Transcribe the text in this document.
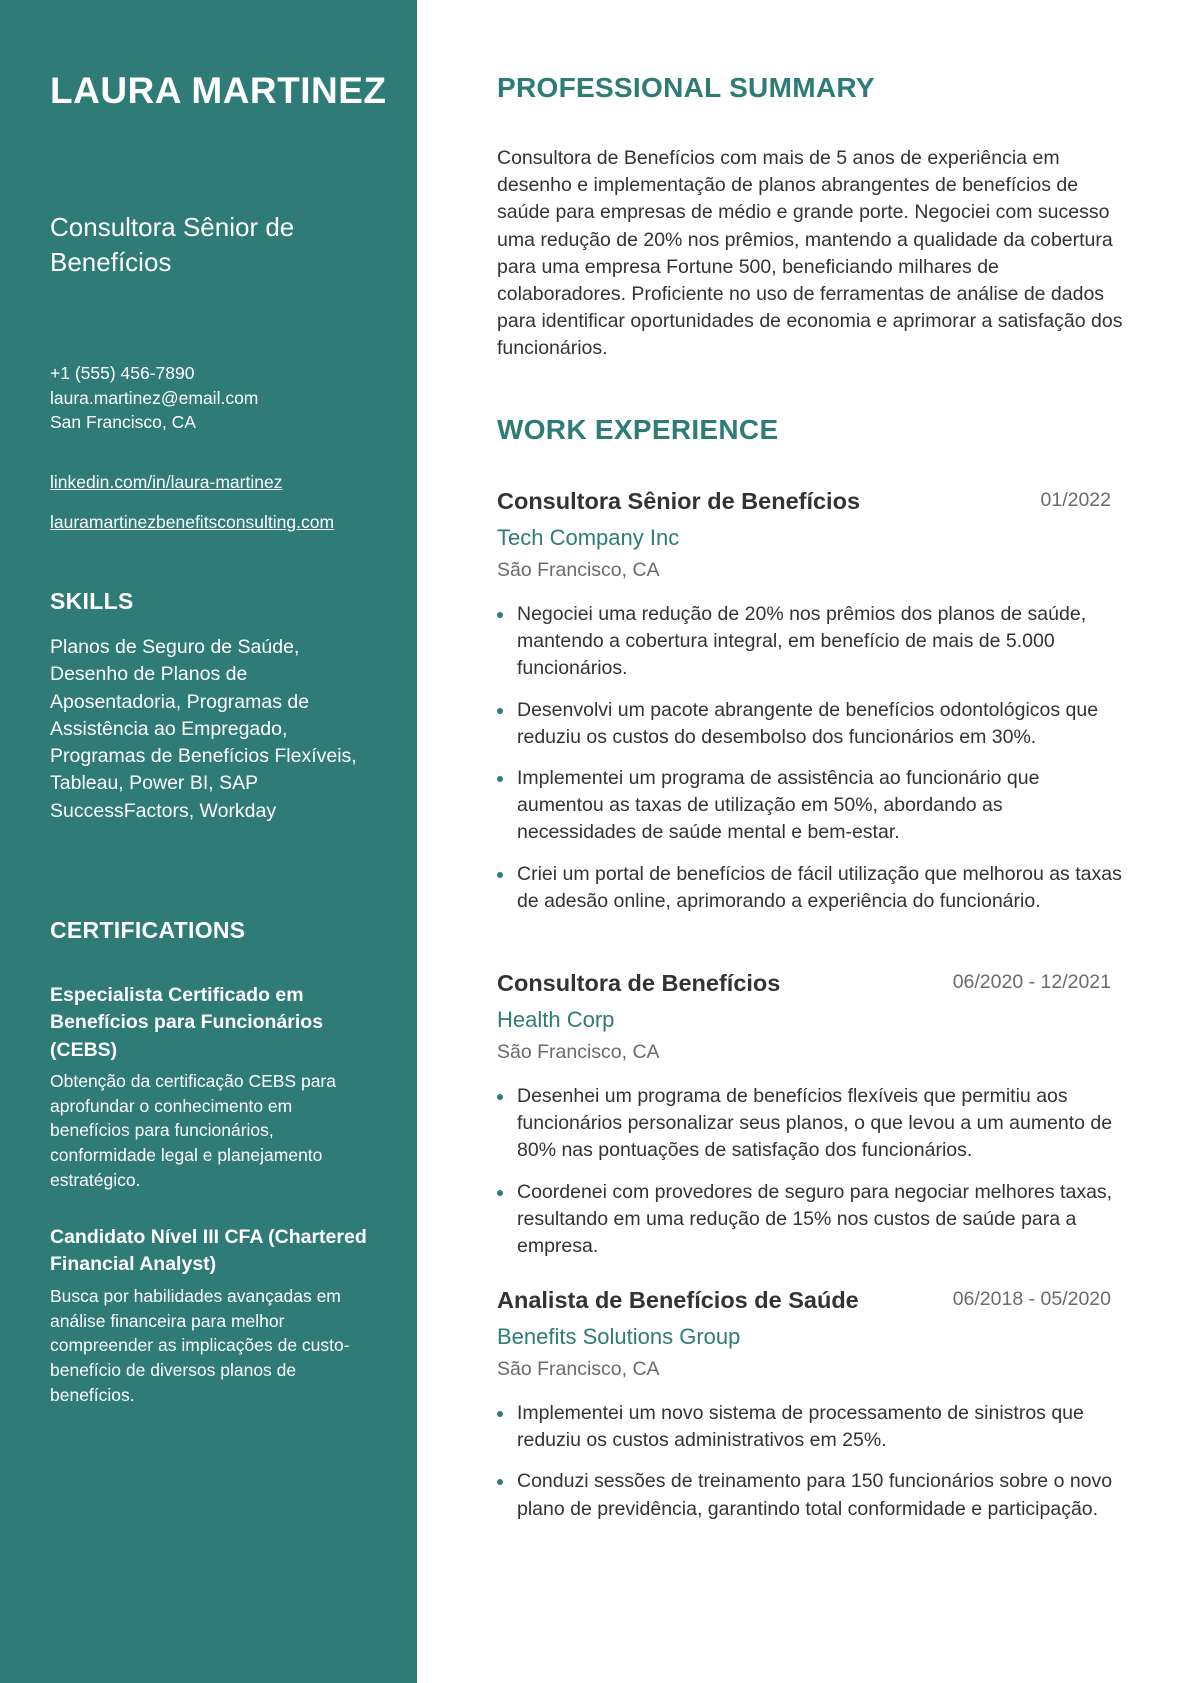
LAURA MARTINEZ
Consultora Sênior de Benefícios
+1 (555) 456-7890
laura.martinez@email.com
San Francisco, CA
linkedin.com/in/laura-martinez
lauramartinezbenefitsconsulting.com
SKILLS
Planos de Seguro de Saúde, Desenho de Planos de Aposentadoria, Programas de Assistência ao Empregado, Programas de Benefícios Flexíveis, Tableau, Power BI, SAP SuccessFactors, Workday
CERTIFICATIONS
Especialista Certificado em Benefícios para Funcionários (CEBS)
Obtenção da certificação CEBS para aprofundar o conhecimento em benefícios para funcionários, conformidade legal e planejamento estratégico.
Candidato Nível III CFA (Chartered Financial Analyst)
Busca por habilidades avançadas em análise financeira para melhor compreender as implicações de custo-benefício de diversos planos de benefícios.
PROFESSIONAL SUMMARY
Consultora de Benefícios com mais de 5 anos de experiência em desenho e implementação de planos abrangentes de benefícios de saúde para empresas de médio e grande porte. Negociei com sucesso uma redução de 20% nos prêmios, mantendo a qualidade da cobertura para uma empresa Fortune 500, beneficiando milhares de colaboradores. Proficiente no uso de ferramentas de análise de dados para identificar oportunidades de economia e aprimorar a satisfação dos funcionários.
WORK EXPERIENCE
Consultora Sênior de Benefícios	01/2022
Tech Company Inc
São Francisco, CA
Negociei uma redução de 20% nos prêmios dos planos de saúde, mantendo a cobertura integral, em benefício de mais de 5.000 funcionários.
Desenvolvi um pacote abrangente de benefícios odontológicos que reduziu os custos do desembolso dos funcionários em 30%.
Implementei um programa de assistência ao funcionário que aumentou as taxas de utilização em 50%, abordando as necessidades de saúde mental e bem-estar.
Criei um portal de benefícios de fácil utilização que melhorou as taxas de adesão online, aprimorando a experiência do funcionário.
Consultora de Benefícios	06/2020 - 12/2021
Health Corp
São Francisco, CA
Desenhei um programa de benefícios flexíveis que permitiu aos funcionários personalizar seus planos, o que levou a um aumento de 80% nas pontuações de satisfação dos funcionários.
Coordenei com provedores de seguro para negociar melhores taxas, resultando em uma redução de 15% nos custos de saúde para a empresa.
Analista de Benefícios de Saúde	06/2018 - 05/2020
Benefits Solutions Group
São Francisco, CA
Implementei um novo sistema de processamento de sinistros que reduziu os custos administrativos em 25%.
Conduzi sessões de treinamento para 150 funcionários sobre o novo plano de previdência, garantindo total conformidade e participação.
